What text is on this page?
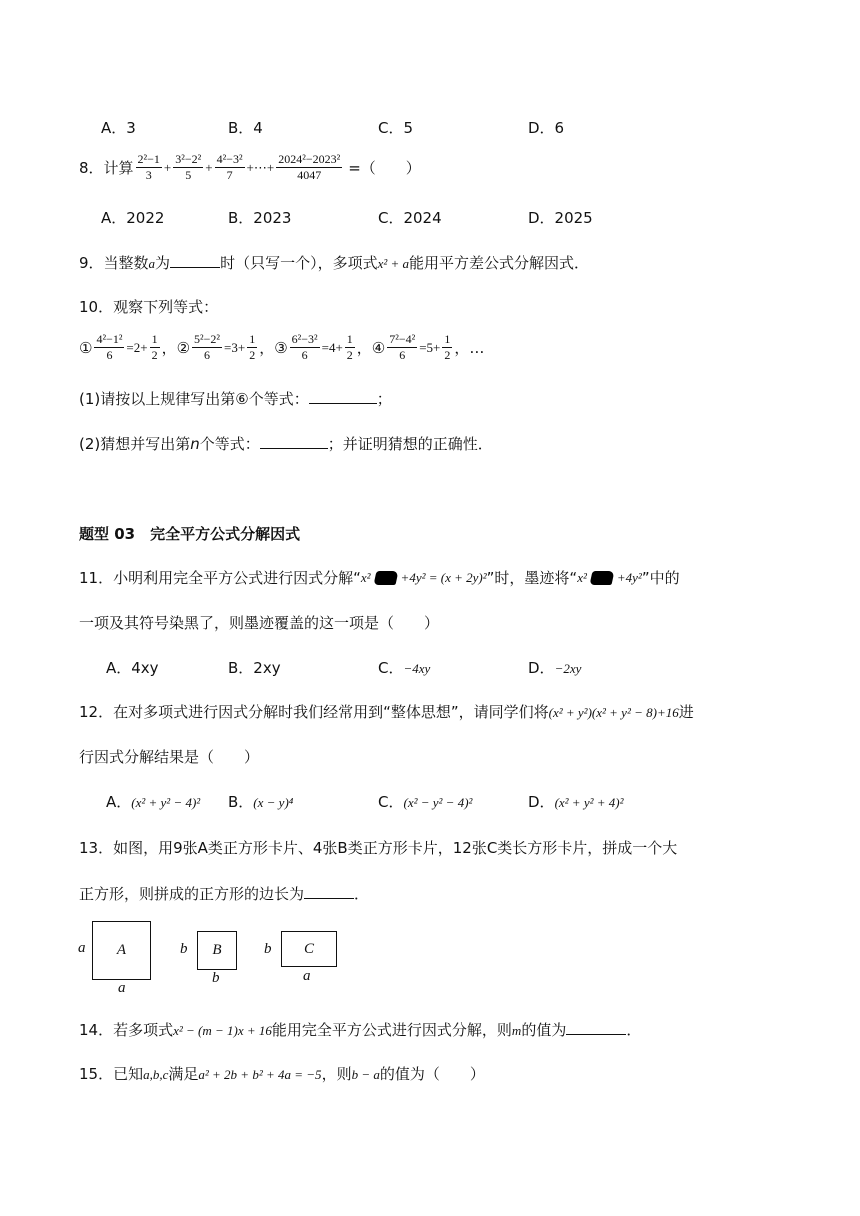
A．3	B．4	C．5	D．6
8．计算 $\frac{\text{2²−1}}{3} + \frac{\text{3²−2²}}{5} + \frac{\text{4²−3²}}{7}$ +⋯+ $\frac{\text{2024²−2023²}}{4047}$ =（　　）
A．2022	B．2023	C．2024	D．2025
9．当整数a为	时（只写一个），多项式x² + a能用平方差公式分解因式．
10．观察下列等式：
① $\frac{\text{4²−1²}}{6} =2+ \frac{1}{2}$ ，② $\frac{\text{5²−2²}}{6} =3+ \frac{1}{2}$ ，③ $\frac{\text{6²−3²}}{6} =4+ \frac{1}{2}$ ，④ $\frac{\text{7²−4²}}{6} =5+ \frac{1}{2}$ ，…
(1)请按以上规律写出第⑥个等式：	；
(2)猜想并写出第n个等式：	；并证明猜想的正确性．
题型 03　完全平方公式分解因式
11．小明利用完全平方公式进行因式分解“ x² +4y² = (x + 2y)² ”时，墨迹将“ x² +4y² ”中的
一项及其符号染黑了，则墨迹覆盖的这一项是（　　）
A．4xy	B．2xy	C．−4xy	D．−2xy
12．在对多项式进行因式分解时我们经常用到“整体思想”，请同学们将(x² + y²)(x² + y² − 8)+16进
行因式分解结果是（　　）
A．(x² + y² − 4)² B．(x − y)⁴	C．(x² − y² − 4)²	D．(x² + y² + 4)²
13．如图，用9张A类正方形卡片、4张B类正方形卡片，12张C类长方形卡片，拼成一个大
正方形，则拼成的正方形的边长为	．
a A
a
b B
b
b C
a
14．若多项式x² − (m − 1)x + 16能用完全平方公式进行因式分解，则m的值为	．
15．已知a,b,c满足a² + 2b + b² + 4a = −5，则b − a的值为（　　）
